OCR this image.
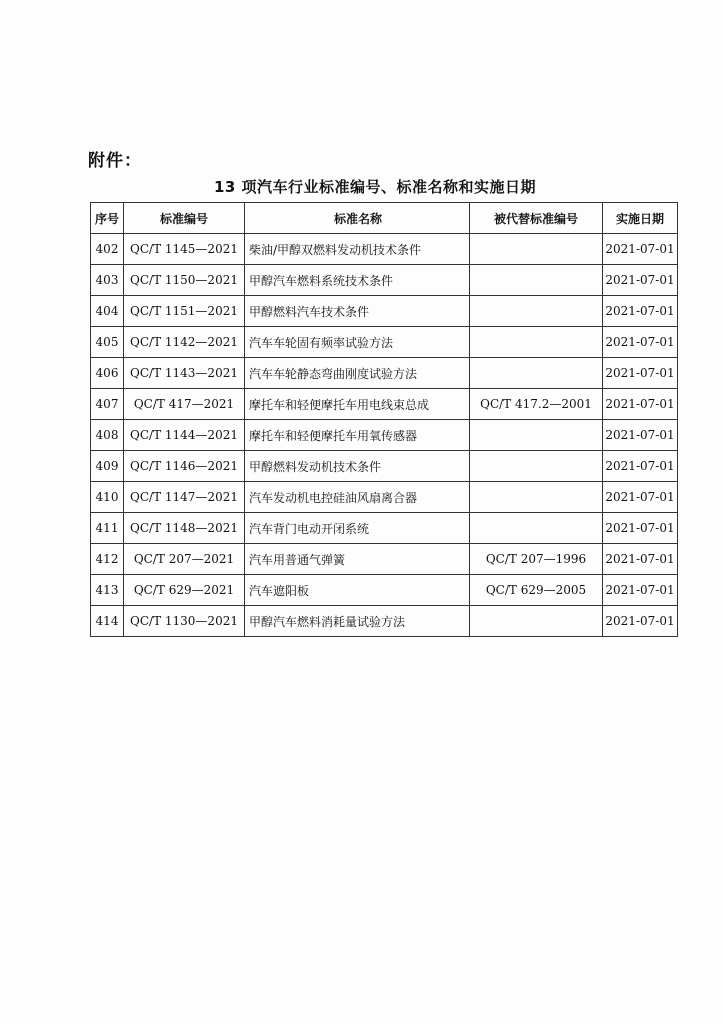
附件：
13 项汽车行业标准编号、标准名称和实施日期
序号	标准编号	标准名称	被代替标准编号	实施日期
402	QC/T 1145—2021	柴油/甲醇双燃料发动机技术条件		2021-07-01
403	QC/T 1150—2021	甲醇汽车燃料系统技术条件		2021-07-01
404	QC/T 1151—2021	甲醇燃料汽车技术条件		2021-07-01
405	QC/T 1142—2021	汽车车轮固有频率试验方法		2021-07-01
406	QC/T 1143—2021	汽车车轮静态弯曲刚度试验方法		2021-07-01
407	QC/T 417—2021	摩托车和轻便摩托车用电线束总成	QC/T 417.2—2001	2021-07-01
408	QC/T 1144—2021	摩托车和轻便摩托车用氧传感器		2021-07-01
409	QC/T 1146—2021	甲醇燃料发动机技术条件		2021-07-01
410	QC/T 1147—2021	汽车发动机电控硅油风扇离合器		2021-07-01
411	QC/T 1148—2021	汽车背门电动开闭系统		2021-07-01
412	QC/T 207—2021	汽车用普通气弹簧	QC/T 207—1996	2021-07-01
413	QC/T 629—2021	汽车遮阳板	QC/T 629—2005	2021-07-01
414	QC/T 1130—2021	甲醇汽车燃料消耗量试验方法		2021-07-01
